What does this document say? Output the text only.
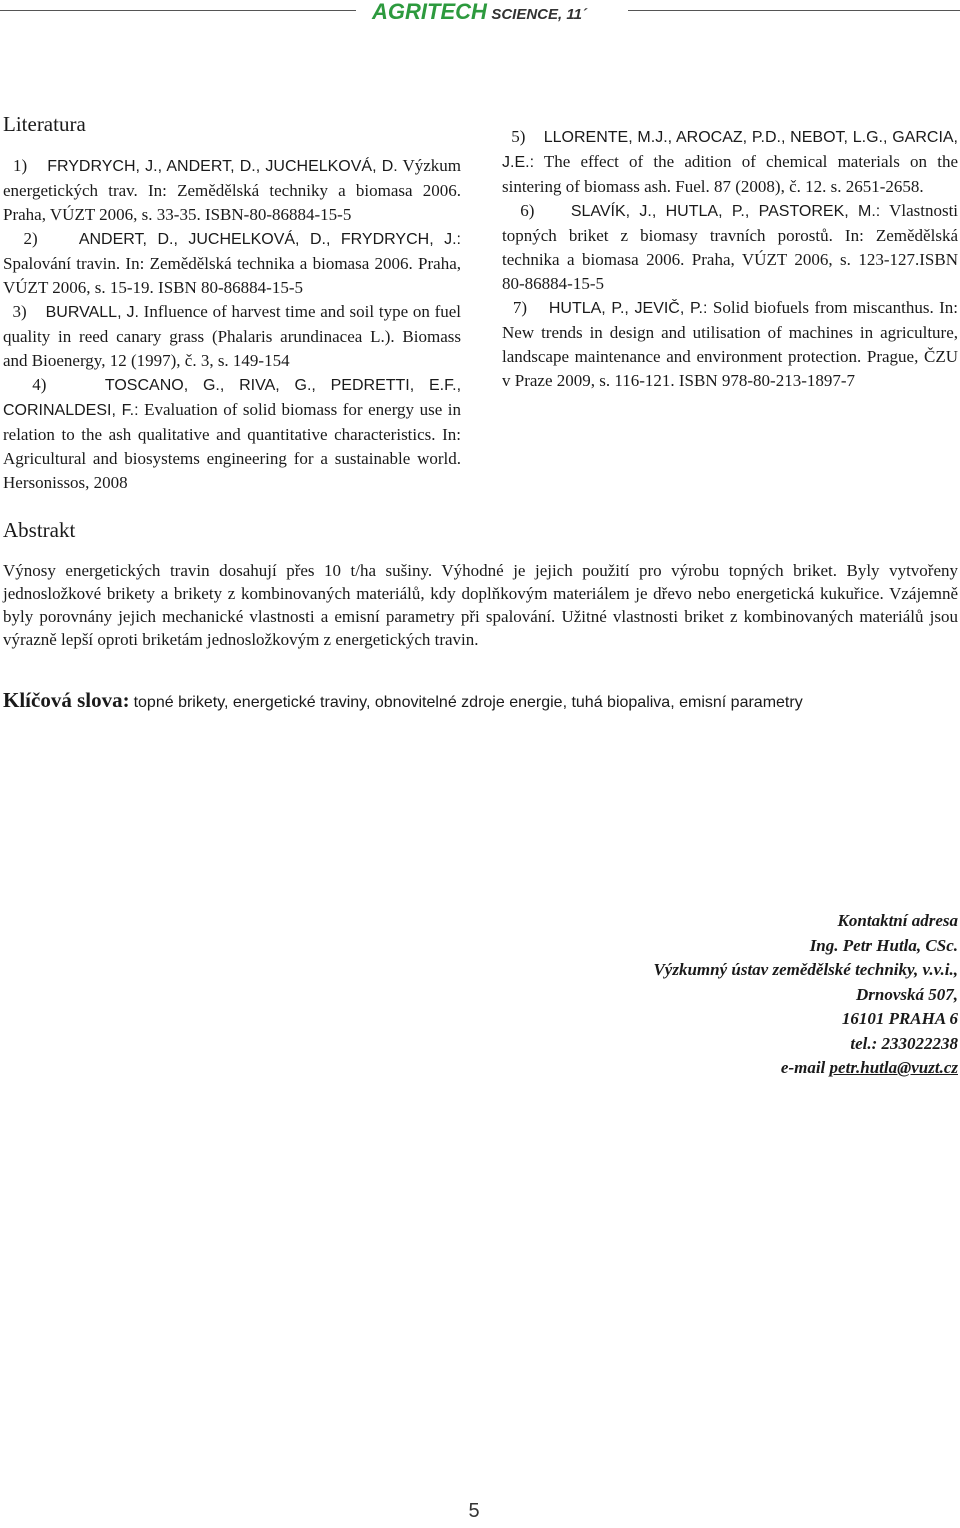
AGRITECH SCIENCE, 11´
Literatura

1) FRYDRYCH, J., ANDERT, D., JUCHELKOVÁ, D. Výzkum energetických trav. In: Zemědělská techniky a biomasa 2006. Praha, VÚZT 2006, s. 33-35. ISBN-80-86884-15-5

2)	ANDERT, D., JUCHELKOVÁ, D., FRYDRYCH, J.: Spalování travin. In: Zemědělská technika a biomasa 2006. Praha, VÚZT 2006, s. 15-19. ISBN 80-86884-15-5

3) BURVALL, J. Influence of harvest time and soil type on fuel quality in reed canary grass (Phalaris arundinacea L.). Biomass and Bioenergy, 12 (1997), č. 3, s. 149-154

4)	TOSCANO, G., RIVA, G., PEDRETTI, E.F., CORINALDESI, F.: Evaluation of solid biomass for energy use in relation to the ash qualitative and quantitative characteristics. In: Agricultural and biosystems engineering for a sustainable world. Hersonissos, 2008

5) LLORENTE, M.J., AROCAZ, P.D., NEBOT, L.G., GARCIA, J.E.: The effect of the adition of chemical materials on the sintering of biomass ash. Fuel. 87 (2008), č. 12. s. 2651-2658.

6) SLAVÍK, J., HUTLA, P., PASTOREK, M.: Vlastnosti topných briket z biomasy travních porostů. In: Zemědělská technika a biomasa 2006. Praha, VÚZT 2006, s. 123-127.ISBN 80-86884-15-5

7) HUTLA, P., JEVIČ, P.: Solid biofuels from miscanthus. In: New trends in design and utilisation of machines in agriculture, landscape maintenance and environment protection. Prague, ČZU v Praze 2009, s. 116-121. ISBN 978-80-213-1897-7

Abstrakt

Výnosy energetických travin dosahují přes 10 t/ha sušiny. Výhodné je jejich použití pro výrobu topných briket. Byly vytvořeny jednosložkové brikety a brikety z kombinovaných materiálů, kdy doplňkovým materiálem je dřevo nebo energetická kukuřice. Vzájemně byly porovnány jejich mechanické vlastnosti a emisní parametry při spalování. Užitné vlastnosti briket z kombinovaných materiálů jsou výrazně lepší oproti briketám jednosložkovým z energetických travin.

Klíčová slova: topné brikety, energetické traviny, obnovitelné zdroje energie, tuhá biopaliva, emisní parametry
Kontaktní adresa
Ing. Petr Hutla, CSc.
Výzkumný ústav zemědělské techniky, v.v.i.,
Drnovská 507,
16101 PRAHA 6
tel.: 233022238
e-mail petr.hutla@vuzt.cz
5
